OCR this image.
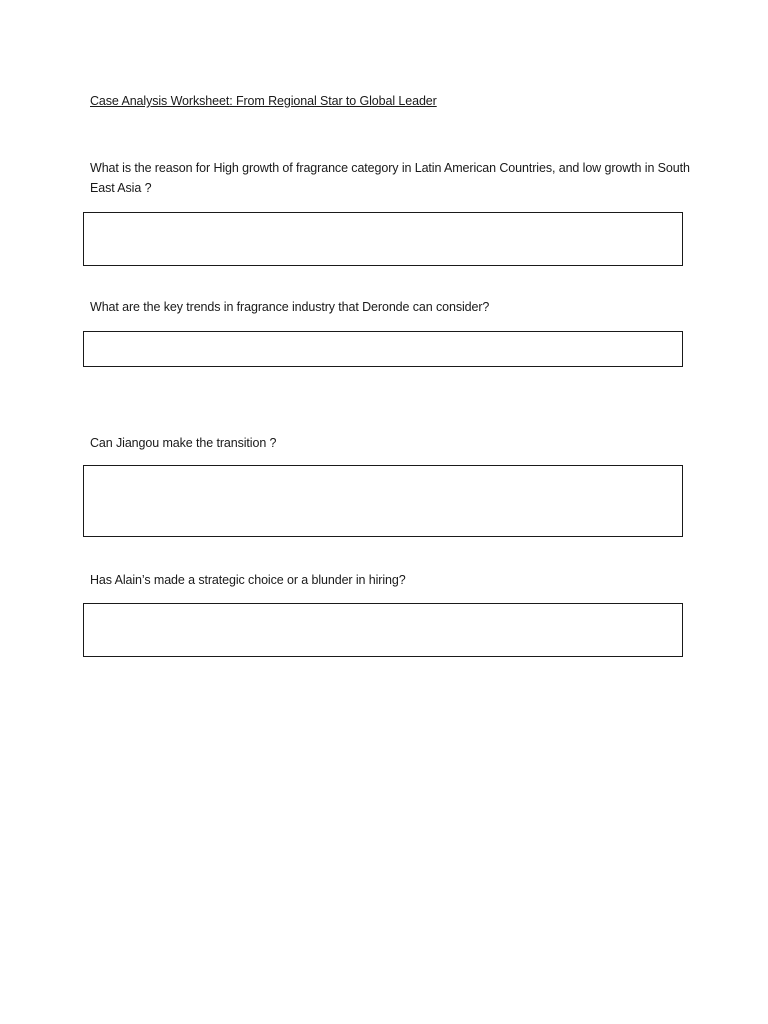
Case Analysis Worksheet: From Regional Star to Global Leader
What is the reason for High growth of fragrance category in Latin American Countries, and low growth in South East Asia ?
What are the key trends in fragrance industry that Deronde can consider?
Can Jiangou make the transition ?
Has Alain’s made a strategic choice or a blunder in hiring?
